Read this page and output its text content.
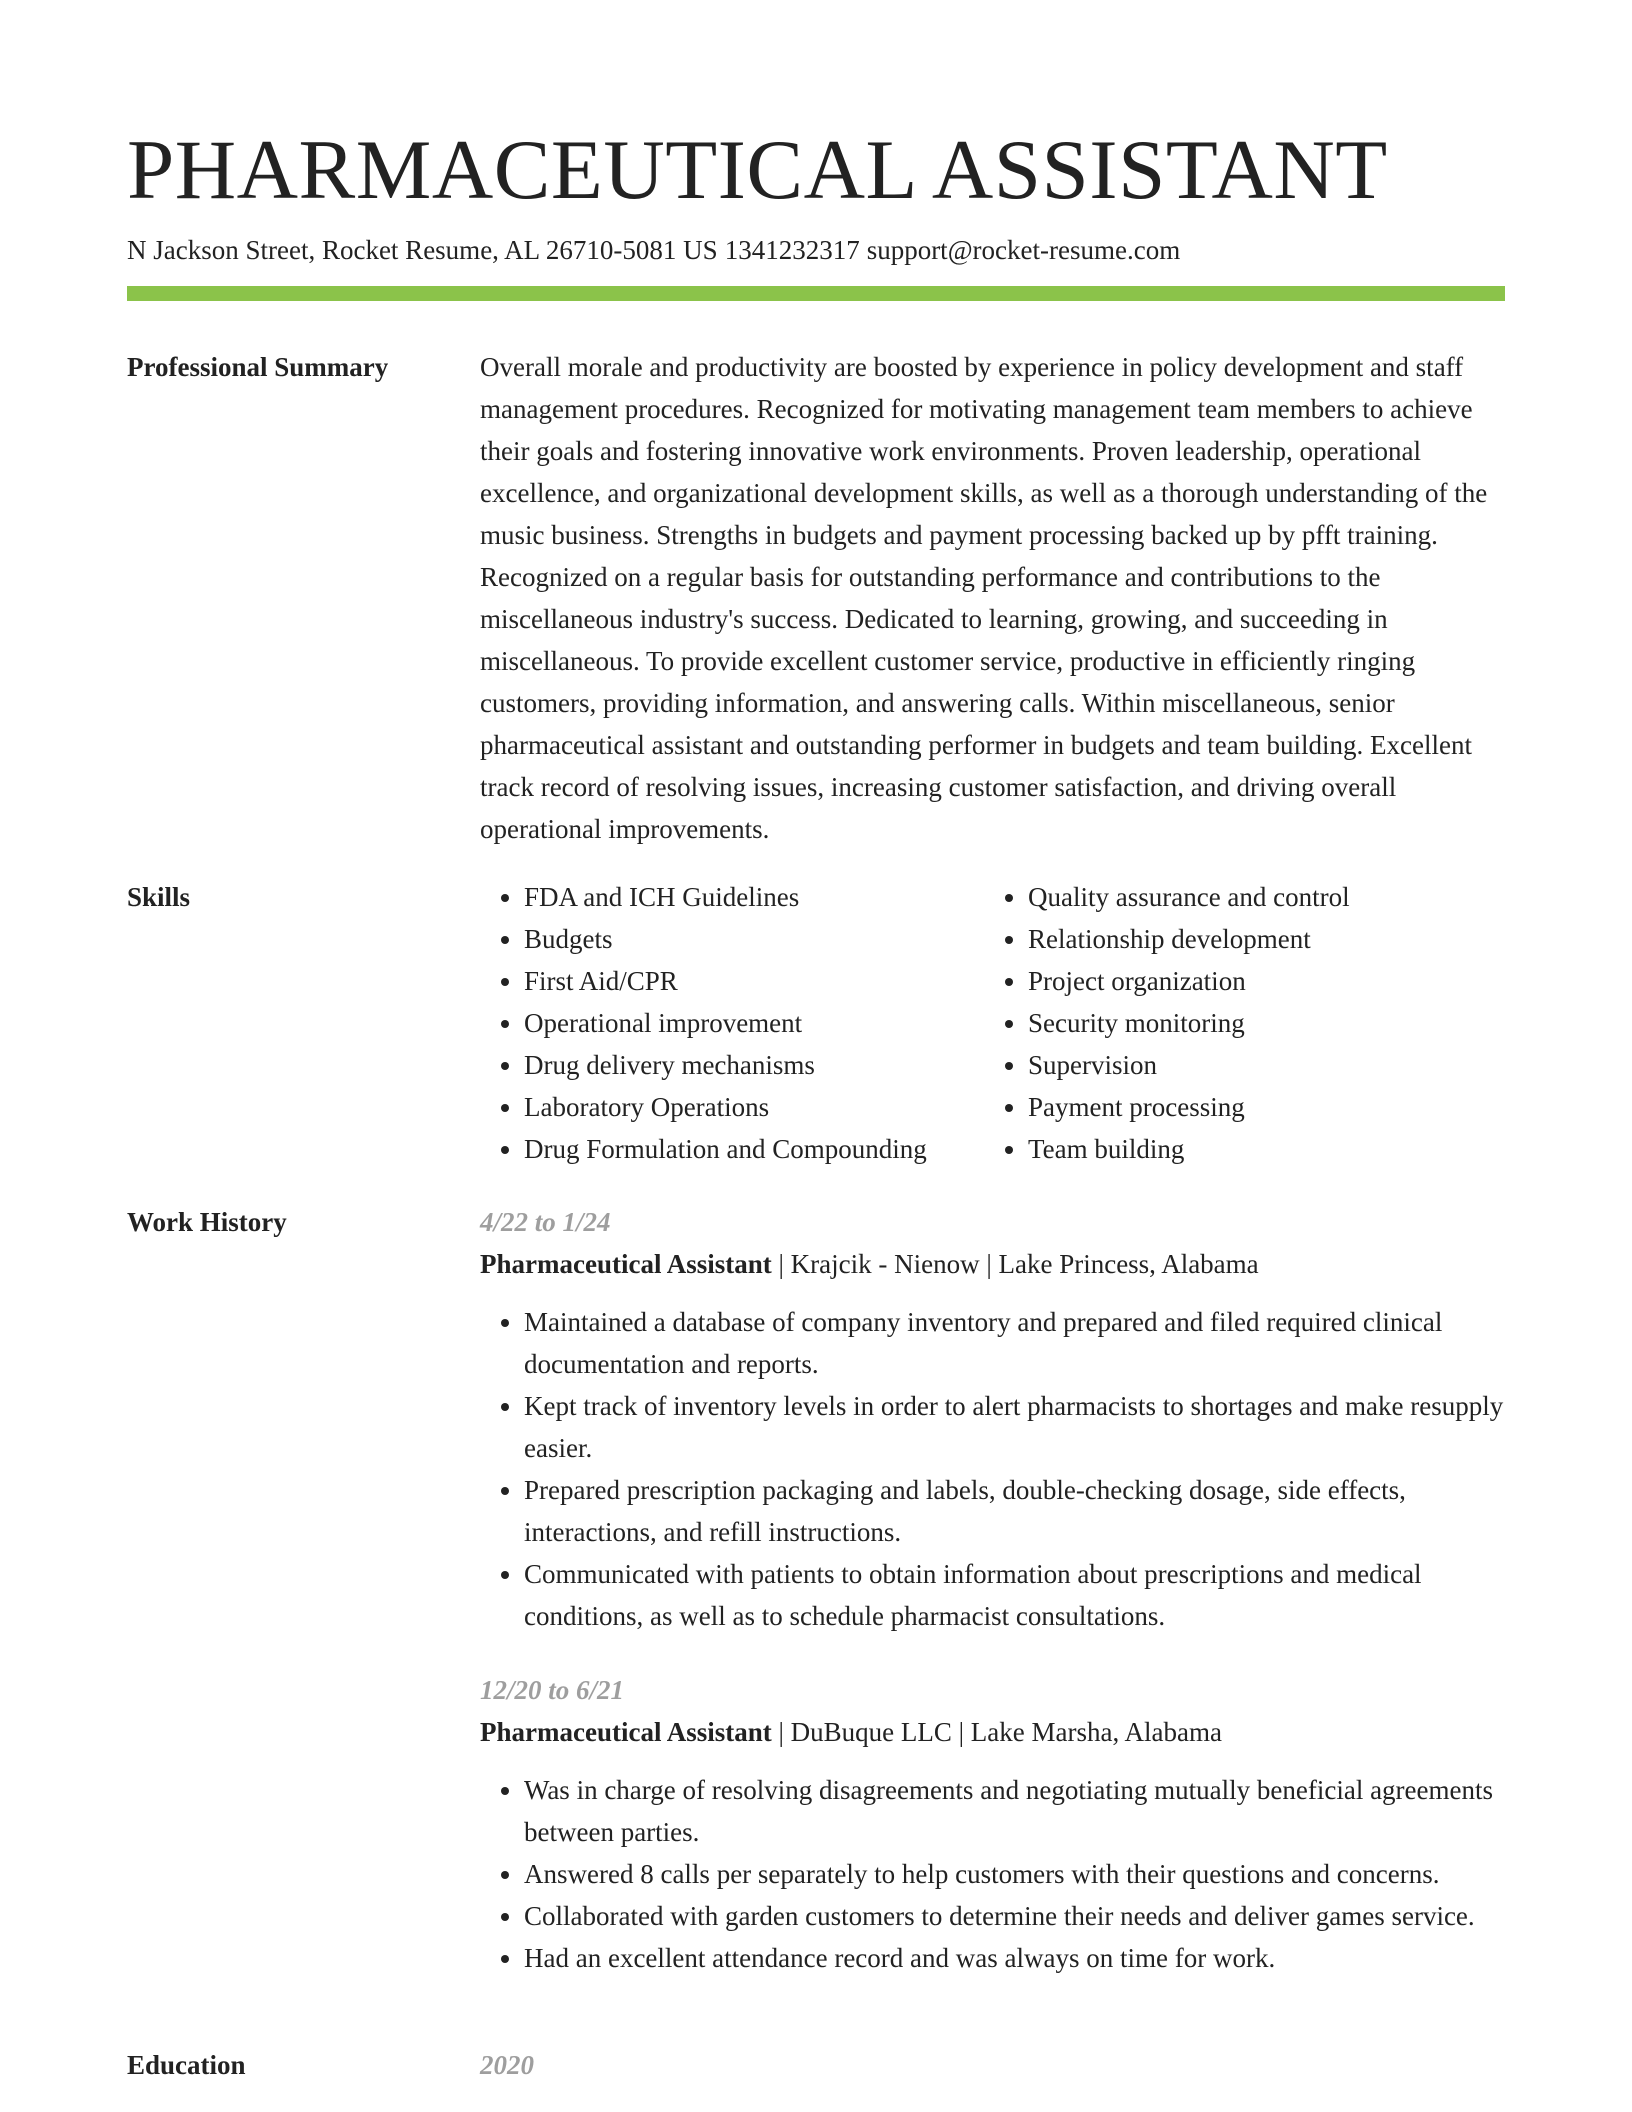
PHARMACEUTICAL ASSISTANT
N Jackson Street, Rocket Resume, AL 26710-5081 US 1341232317 support@rocket-resume.com
Professional Summary	Overall morale and productivity are boosted by experience in policy development and staff management procedures. Recognized for motivating management team members to achieve their goals and fostering innovative work environments. Proven leadership, operational excellence, and organizational development skills, as well as a thorough understanding of the music business. Strengths in budgets and payment processing backed up by pfft training. Recognized on a regular basis for outstanding performance and contributions to the miscellaneous industry's success. Dedicated to learning, growing, and succeeding in miscellaneous. To provide excellent customer service, productive in efficiently ringing customers, providing information, and answering calls. Within miscellaneous, senior pharmaceutical assistant and outstanding performer in budgets and team building. Excellent track record of resolving issues, increasing customer satisfaction, and driving overall operational improvements.

Skills
•	FDA and ICH Guidelines
• Budgets
• First Aid/CPR
• Operational improvement
• Drug delivery mechanisms
• Laboratory Operations
• Drug Formulation and Compounding
• Quality assurance and control
• Relationship development
• Project organization
• Security monitoring
• Supervision
• Payment processing
• Team building
Work History	4/22 to 1/24
Pharmaceutical Assistant | Krajcik - Nienow | Lake Princess, Alabama
• Maintained a database of company inventory and prepared and filed required clinical documentation and reports.
• Kept track of inventory levels in order to alert pharmacists to shortages and make resupply easier.
• Prepared prescription packaging and labels, double-checking dosage, side effects, interactions, and refill instructions.
• Communicated with patients to obtain information about prescriptions and medical conditions, as well as to schedule pharmacist consultations.
12/20 to 6/21
Pharmaceutical Assistant | DuBuque LLC | Lake Marsha, Alabama
• Was in charge of resolving disagreements and negotiating mutually beneficial agreements between parties.
• Answered 8 calls per separately to help customers with their questions and concerns.
• Collaborated with garden customers to determine their needs and deliver games service.
• Had an excellent attendance record and was always on time for work.
Education	2020
